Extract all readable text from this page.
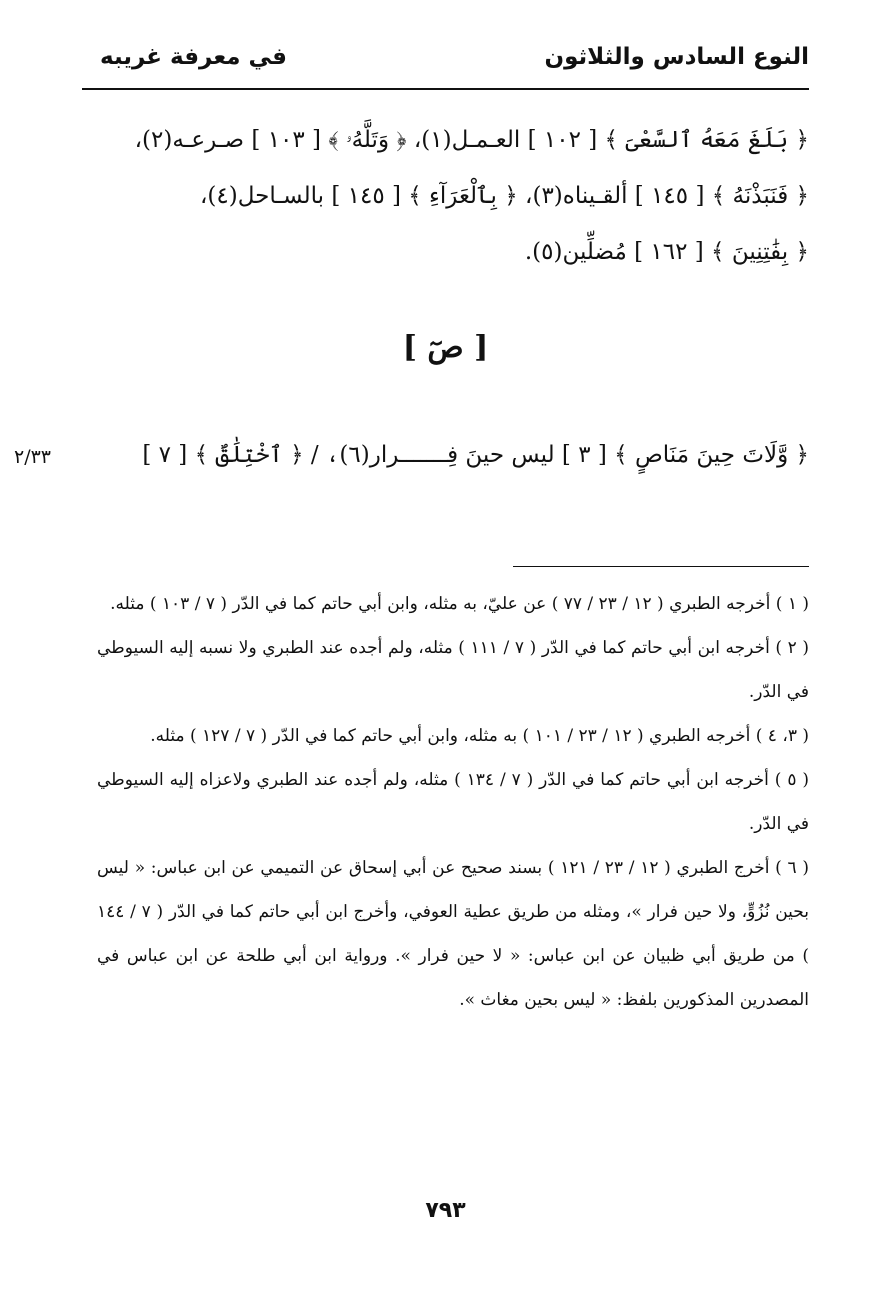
النوع السادس والثلاثون
في معرفة غريبه
﴿ بَلَغَ مَعَهُ ٱلسَّعْىَ ﴾ [ ١٠٢ ] العـمـل(١)، ﴿ وَتَلَّهُۥ ﴾ [ ١٠٣ ] صـرعـه(٢)،
﴿ فَنَبَذْنَهُ ﴾ [ ١٤٥ ] ألقـيناه(٣)، ﴿ بِٱلْعَرَآءِ ﴾ [ ١٤٥ ] بالسـاحل(٤)،
﴿ بِفَٰتِنِينَ ﴾ [ ١٦٢ ] مُضلِّين(٥).
[ صٓ ]
﴿ وَّلَاتَ حِينَ مَنَاصٍ ﴾ [ ٣ ] ليس حينَ فِـــــــرار(٦)، / ﴿ ٱخْتِلَٰقٌ ﴾ [ ٧ ]
٢/٣٣
( ١ ) أخرجه الطبري ( ١٢ / ٢٣ / ٧٧ ) عن عليّ، به مثله، وابن أبي حاتم كما في الدّر ( ٧ / ١٠٣ ) مثله.
( ٢ ) أخرجه ابن أبي حاتم كما في الدّر ( ٧ / ١١١ ) مثله، ولم أجده عند الطبري ولا نسبه إليه السيوطي في الدّر.
( ٣، ٤ ) أخرجه الطبري ( ١٢ / ٢٣ / ١٠١ ) به مثله، وابن أبي حاتم كما في الدّر ( ٧ / ١٢٧ ) مثله.
( ٥ ) أخرجه ابن أبي حاتم كما في الدّر ( ٧ / ١٣٤ ) مثله، ولم أجده عند الطبري ولاعزاه إليه السيوطي في الدّر.
( ٦ ) أخرج الطبري ( ١٢ / ٢٣ / ١٢١ ) بسند صحيح عن أبي إسحاق عن التميمي عن ابن عباس: « ليس بحين نُزُوٍّ، ولا حين فرار »، ومثله من طريق عطية العوفي، وأخرج ابن أبي حاتم كما في الدّر ( ٧ / ١٤٤ ) من طريق أبي ظبيان عن ابن عباس: « لا حين فرار ». ورواية ابن أبي طلحة عن ابن عباس في المصدرين المذكورين بلفظ: « ليس بحين مغاث ».
٧٩٣
